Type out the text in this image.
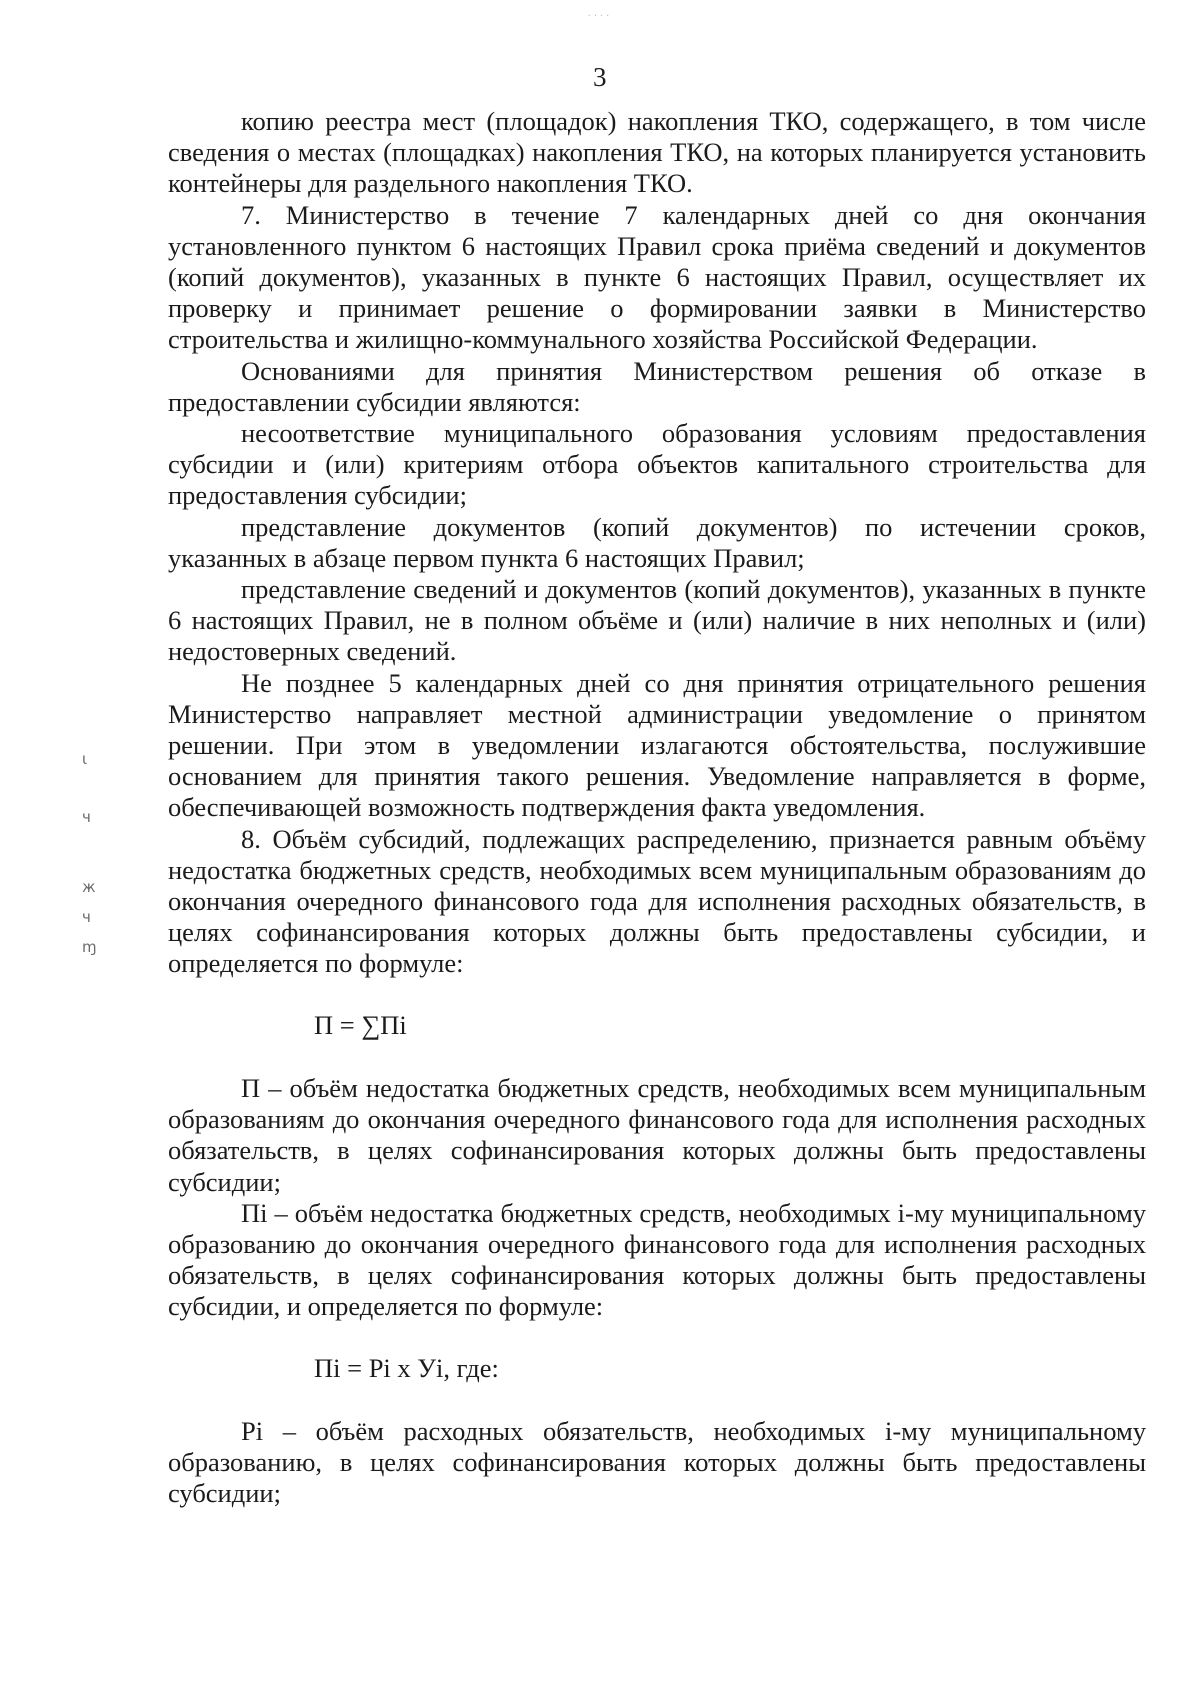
....
3

копию реестра мест (площадок) накопления ТКО, содержащего, в том числе сведения о местах (площадках) накопления ТКО, на которых планируется установить контейнеры для раздельного накопления ТКО.

7. Министерство в течение 7 календарных дней со дня окончания установленного пунктом 6 настоящих Правил срока приёма сведений и документов (копий документов), указанных в пункте 6 настоящих Правил, осуществляет их проверку и принимает решение о формировании заявки в Министерство строительства и жилищно-коммунального хозяйства Российской Федерации.

Основаниями для принятия Министерством решения об отказе в предоставлении субсидии являются:

несоответствие муниципального образования условиям предоставления субсидии и (или) критериям отбора объектов капитального строительства для предоставления субсидии;

представление документов (копий документов) по истечении сроков, указанных в абзаце первом пункта 6 настоящих Правил;

представление сведений и документов (копий документов), указанных в пункте 6 настоящих Правил, не в полном объёме и (или) наличие в них неполных и (или) недостоверных сведений.

Не позднее 5 календарных дней со дня принятия отрицательного решения Министерство направляет местной администрации уведомление о принятом решении. При этом в уведомлении излагаются обстоятельства, послужившие основанием для принятия такого решения. Уведомление направляется в форме, обеспечивающей возможность подтверждения факта уведомления.

8. Объём субсидий, подлежащих распределению, признается равным объёму недостатка бюджетных средств, необходимых всем муниципальным образованиям до окончания очередного финансового года для исполнения расходных обязательств, в целях софинансирования которых должны быть предоставлены субсидии, и определяется по формуле:

П = ∑Пi

П – объём недостатка бюджетных средств, необходимых всем муниципальным образованиям до окончания очередного финансового года для исполнения расходных обязательств, в целях софинансирования которых должны быть предоставлены субсидии;

Пi – объём недостатка бюджетных средств, необходимых i-му муниципальному образованию до окончания очередного финансового года для исполнения расходных обязательств, в целях софинансирования которых должны быть предоставлены субсидии, и определяется по формуле:

Пi = Рi x Уi, где:

Рi – объём расходных обязательств, необходимых i-му муниципальному образованию, в целях софинансирования которых должны быть предоставлены субсидии;

ι
ч
ж
ч
ɱ
